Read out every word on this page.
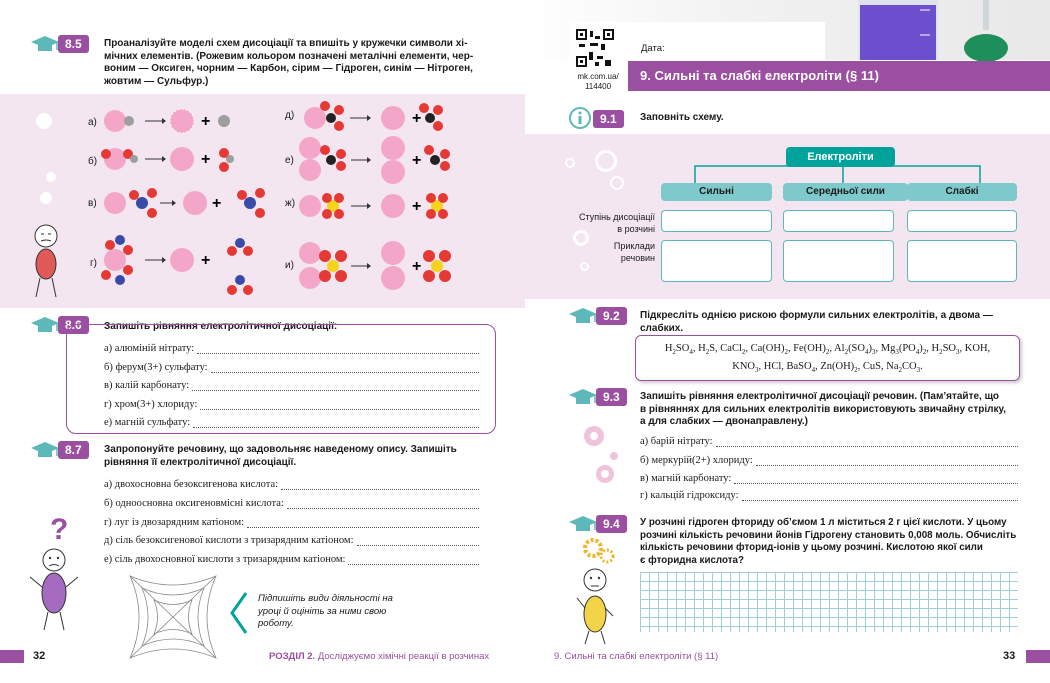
8.5	Проаналізуйте моделі схем дисоціації та впишіть у кружечки символи хі-
мічних елементів. (Рожевим кольором позначені металічні елементи, чер-
воним — Оксиген, чорним — Карбон, сірим — Гідроген, синім — Нітроген,
жовтим — Сульфур.)
а)
б)
в)
г)
д)
е)
ж)
и)
+
+
+
+
+
+
+
+
8.6	Запишіть рівняння електролітичної дисоціації:
а) алюміній нітрату:
б) ферум(3+) сульфату:
в) калій карбонату:
г) хром(3+) хлориду:
е) магній сульфату:
8.7	Запропонуйте речовину, що задовольняє наведеному опису. Запишіть
рівняння її електролітичної дисоціації.
а) двохосновна безоксигенова кислота:
б) одноосновна оксигеновмісні кислота:
г) луг із двозарядним катіоном:
д) сіль безоксигенової кислоти з тризарядним катіоном:
е) сіль двохосновної кислоти з тризарядним катіоном:
?
Підпишіть види діяльності на
уроці й оцініть за ними свою
роботу.
32	РОЗДІЛ 2. Досліджуємо хімічні реакції в розчинах
mk.com.ua/
114400
Дата:
9. Сильні та слабкі електроліти (§ 11)
9.1	Заповніть схему.
Електроліти
Сильні	Середньої сили	Слабкі
Ступінь дисоціації
в розчині
Приклади
речовин
9.2	Підкресліть однією рискою формули сильних електролітів, а двома —
слабких.
$H_2SO_4$, $H_2S$, CaCl$_2$, $Ca(OH)_2$, $Fe(OH)_2$, $Al_2(SO_4)_3$, $Mg_3(PO_4)_2$, $H_2SO_3$, KOH,
$KNO_3$, HCl, BaSO$_4$, $Zn(OH)_2$, CuS, $Na_2CO_3$.
9.3	Запишіть рівняння електролітичної дисоціації речовин. (Пам’ятайте, що
в рівняннях для сильних електролітів використовують звичайну стрілку,
а для слабких — двонаправлену.)
а) барій нітрату:
б) меркурій(2+) хлориду:
в) магній карбонату:
г) кальцій гідроксиду:
9.4	У розчині гідроген фториду об’ємом 1 л міститься 2 г цієї кислоти. У цьому
розчині кількість речовини йонів Гідрогену становить 0,008 моль. Обчисліть
кількість речовини фторид-іонів у цьому розчині. Кислотою якої сили
є фторидна кислота?
9. Сильні та слабкі електроліти (§ 11)	33
